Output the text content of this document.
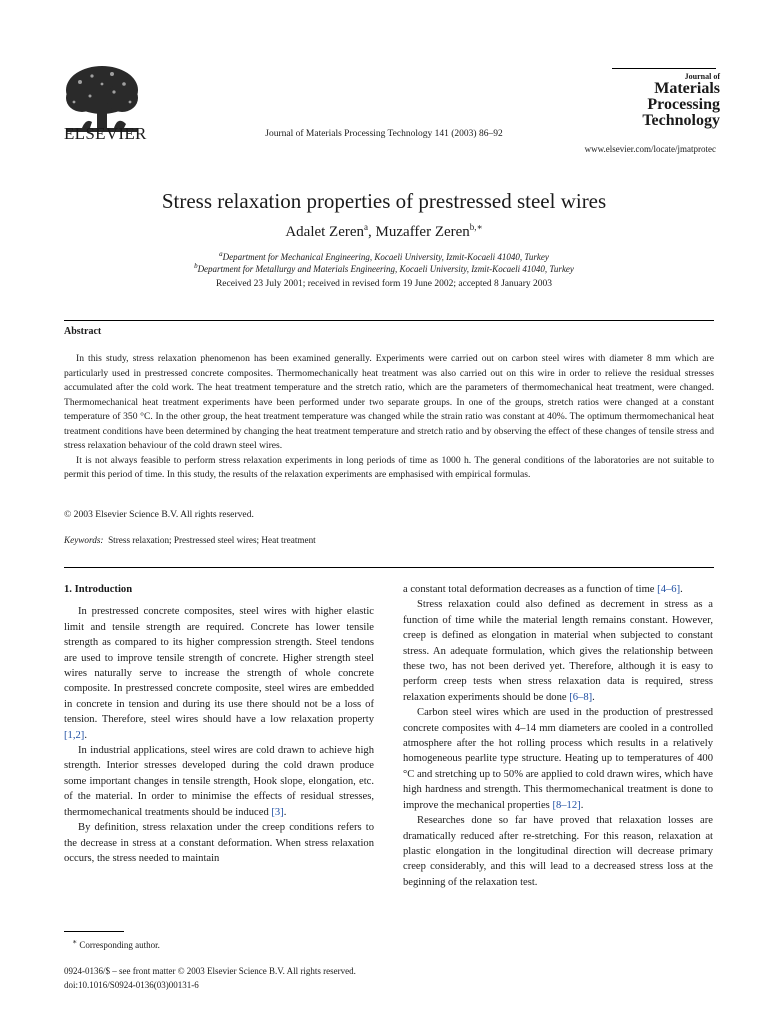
ELSEVIER	Journal of Materials Processing Technology 141 (2003) 86–92
Journal of
Materials
Processing
Technology
www.elsevier.com/locate/jmatprotec
Stress relaxation properties of prestressed steel wires
Adalet Zeren$^a$, Muzaffer Zeren$^{b,∗}$
$^a$Department for Mechanical Engineering, Kocaeli University, Izmit-Kocaeli 41040, Turkey
$^b$Department for Metallurgy and Materials Engineering, Kocaeli University, Izmit-Kocaeli 41040, Turkey
Received 23 July 2001; received in revised form 19 June 2002; accepted 8 January 2003
Abstract

In this study, stress relaxation phenomenon has been examined generally. Experiments were carried out on carbon steel wires with diameter 8 mm which are particularly used in prestressed concrete composites. Thermomechanically heat treatment was also carried out on this wire in order to relieve the residual stresses accumulated after the cold work. The heat treatment temperature and the stretch ratio, which are the parameters of thermomechanical heat treatment, were changed. Thermomechanical heat treatment experiments have been performed under two separate groups. In one of the groups, stretch ratios were changed at a constant temperature of 350 °C. In the other group, the heat treatment temperature was changed while the strain ratio was constant at 40%. The optimum thermomechanical heat treatment conditions have been determined by changing the heat treatment temperature and stretch ratio and by observing the effect of these changes of tensile stress and stress relaxation behaviour of the cold drawn steel wires.

It is not always feasible to perform stress relaxation experiments in long periods of time as 1000 h. The general conditions of the laboratories are not suitable to permit this period of time. In this study, the results of the relaxation experiments are emphasised with empirical formulas.

© 2003 Elsevier Science B.V. All rights reserved.
Keywords: Stress relaxation; Prestressed steel wires; Heat treatment

1. Introduction

In prestressed concrete composites, steel wires with higher elastic limit and tensile strength are required. Concrete has lower tensile strength as compared to its higher compression strength. Steel tendons are used to improve tensile strength of concrete. Higher strength steel wires naturally serve to increase the strength of whole concrete composite. In prestressed concrete composite, steel wires are embedded in concrete in tension and during its use there should not be a loss of tension. Therefore, steel wires should have a low relaxation property [1,2].

In industrial applications, steel wires are cold drawn to achieve high strength. Interior stresses developed during the cold drawn produce some important changes in tensile strength, Hook slope, elongation, etc. of the material. In order to minimise the effects of residual stresses, thermomechanical treatments should be induced [3].

By definition, stress relaxation under the creep conditions refers to the decrease in stress at a constant deformation. When stress relaxation occurs, the stress needed to maintain

a constant total deformation decreases as a function of time [4–6].

Stress relaxation could also defined as decrement in stress as a function of time while the material length remains constant. However, creep is defined as elongation in material when subjected to constant stress. An adequate formulation, which gives the relationship between these two, has not been derived yet. Therefore, although it is easy to perform creep tests when stress relaxation data is required, stress relaxation experiments should be done [6–8].

Carbon steel wires which are used in the production of prestressed concrete composites with 4–14 mm diameters are cooled in a controlled atmosphere after the hot rolling process which results in a relatively homogeneous pearlite type structure. Heating up to temperatures of 400 °C and stretching up to 50% are applied to cold drawn wires, which have high hardness and strength. This thermomechanical treatment is done to improve the mechanical properties [8–12].

Researches done so far have proved that relaxation losses are dramatically reduced after re-stretching. For this reason, relaxation at plastic elongation in the longitudinal direction will decrease primary creep considerably, and this will lead to a decreased stress loss at the beginning of the relaxation test.

∗ Corresponding author.
0924-0136/$ – see front matter © 2003 Elsevier Science B.V. All rights reserved.
doi:10.1016/S0924-0136(03)00131-6
